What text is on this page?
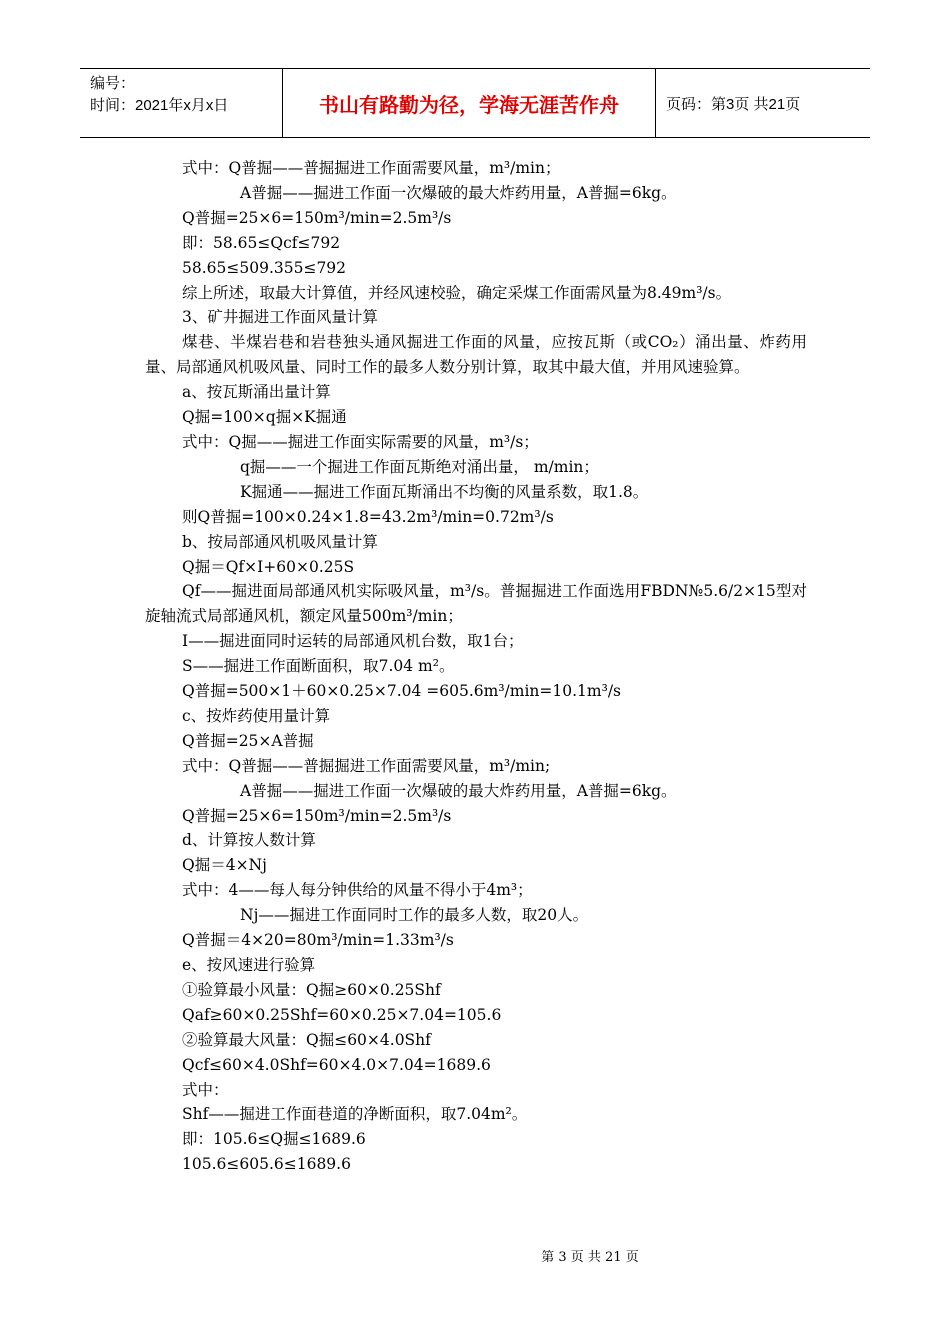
编号：
时间：2021年x月x日	书山有路勤为径，学海无涯苦作舟	页码：第3页 共21页

式中：Q普掘——普掘掘进工作面需要风量，m³/min；

A普掘——掘进工作面一次爆破的最大炸药用量，A普掘=6kg。

Q普掘=25×6=150m³/min=2.5m³/s

即：58.65≤Qcf≤792

58.65≤509.355≤792

综上所述，取最大计算值，并经风速校验，确定采煤工作面需风量为8.49m³/s。

3、矿井掘进工作面风量计算

煤巷、半煤岩巷和岩巷独头通风掘进工作面的风量，应按瓦斯（或CO₂）涌出量、炸药用量、局部通风机吸风量、同时工作的最多人数分别计算，取其中最大值，并用风速验算。

a、按瓦斯涌出量计算

Q掘=100×q掘×K掘通

式中：Q掘——掘进工作面实际需要的风量，m³/s；

q掘——一个掘进工作面瓦斯绝对涌出量， m/min；

K掘通——掘进工作面瓦斯涌出不均衡的风量系数，取1.8。

则Q普掘=100×0.24×1.8=43.2m³/min=0.72m³/s

b、按局部通风机吸风量计算

Q掘＝Qf×I+60×0.25S

Qf——掘进面局部通风机实际吸风量，m³/s。普掘掘进工作面选用FBDN№5.6/2×15型对旋轴流式局部通风机，额定风量500m³/min；

I——掘进面同时运转的局部通风机台数，取1台；

S——掘进工作面断面积，取7.04 m²。

Q普掘=500×1＋60×0.25×7.04 =605.6m³/min=10.1m³/s

c、按炸药使用量计算

Q普掘=25×A普掘

式中：Q普掘——普掘掘进工作面需要风量，m³/min;

A普掘——掘进工作面一次爆破的最大炸药用量，A普掘=6kg。

Q普掘=25×6=150m³/min=2.5m³/s

d、计算按人数计算

Q掘＝4×Nj

式中：4——每人每分钟供给的风量不得小于4m³；

Nj——掘进工作面同时工作的最多人数，取20人。

Q普掘＝4×20=80m³/min=1.33m³/s

e、按风速进行验算

①验算最小风量：Q掘≥60×0.25Shf

Qaf≥60×0.25Shf=60×0.25×7.04=105.6

②验算最大风量：Q掘≤60×4.0Shf

Qcf≤60×4.0Shf=60×4.0×7.04=1689.6

式中：

Shf——掘进工作面巷道的净断面积，取7.04m²。

即：105.6≤Q掘≤1689.6

105.6≤605.6≤1689.6

第 3 页 共 21 页
